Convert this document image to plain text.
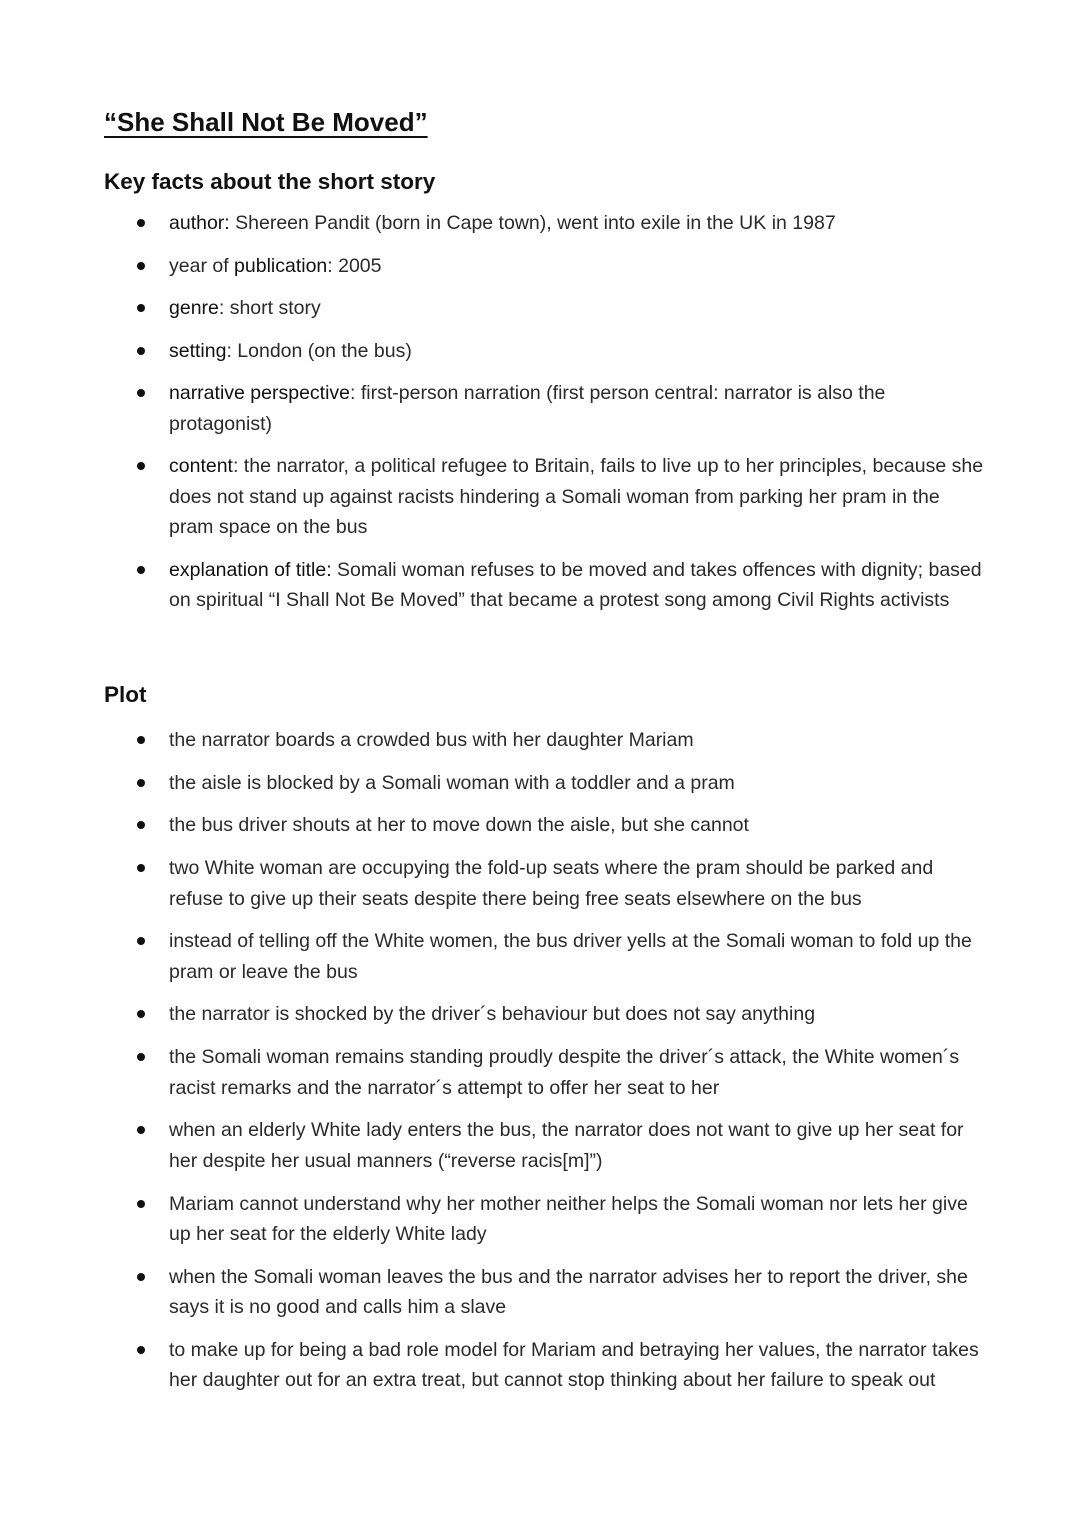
“She Shall Not Be Moved”
Key facts about the short story
author: Shereen Pandit (born in Cape town), went into exile in the UK in 1987
year of publication: 2005
genre: short story
setting: London (on the bus)
narrative perspective: first-person narration (first person central: narrator is also the protagonist)
content: the narrator, a political refugee to Britain, fails to live up to her principles, because she does not stand up against racists hindering a Somali woman from parking her pram in the pram space on the bus
explanation of title: Somali woman refuses to be moved and takes offences with dignity; based on spiritual “I Shall Not Be Moved” that became a protest song among Civil Rights activists
Plot
the narrator boards a crowded bus with her daughter Mariam
the aisle is blocked by a Somali woman with a toddler and a pram
the bus driver shouts at her to move down the aisle, but she cannot
two White woman are occupying the fold-up seats where the pram should be parked and refuse to give up their seats despite there being free seats elsewhere on the bus
instead of telling off the White women, the bus driver yells at the Somali woman to fold up the pram or leave the bus
the narrator is shocked by the driver´s behaviour but does not say anything
the Somali woman remains standing proudly despite the driver´s attack, the White women´s racist remarks and the narrator´s attempt to offer her seat to her
when an elderly White lady enters the bus, the narrator does not want to give up her seat for her despite her usual manners (“reverse racis[m]”)
Mariam cannot understand why her mother neither helps the Somali woman nor lets her give up her seat for the elderly White lady
when the Somali woman leaves the bus and the narrator advises her to report the driver, she says it is no good and calls him a slave
to make up for being a bad role model for Mariam and betraying her values, the narrator takes her daughter out for an extra treat, but cannot stop thinking about her failure to speak out
